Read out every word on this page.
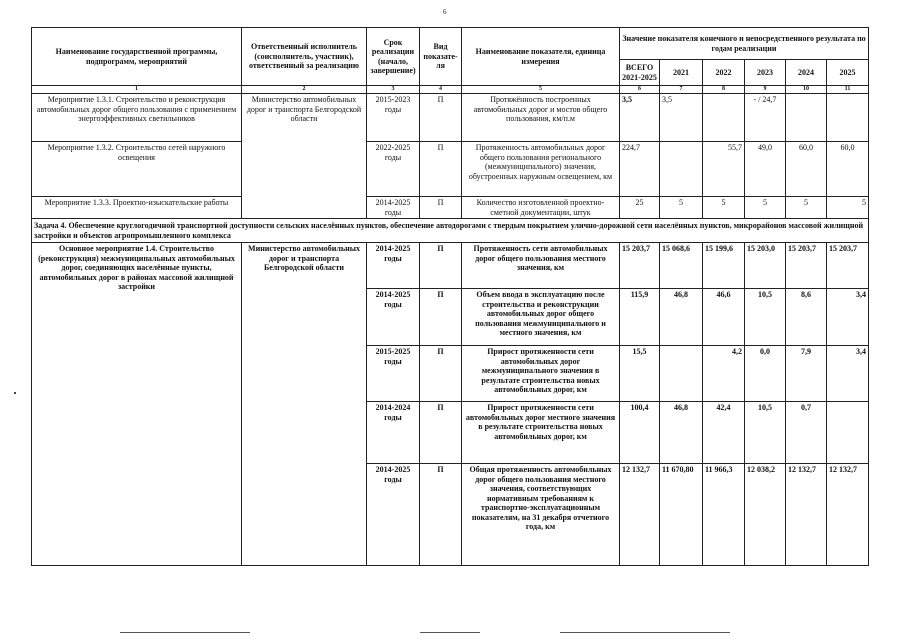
6
Наименование государственной программы, подпрограмм, мероприятий	Ответственный исполнитель (соисполнитель, участник), ответственный за реализацию	Срок реализации (начало, завершение)	Вид показате-ля	Наименование показателя, единица измерения	Значение показателя конечного и непосредственного результата по годам реализации					
					ВСЕГО 2021-2025	2021	2022	2023	2024	2025
1	2	3	4	5	6	7	8	9	10	11
Мероприятие 1.3.1. Строительство и реконструкция автомобильных дорог общего пользования с применением энергоэффективных светильников	Министерство автомобильных дорог и транспорта Белгородской области	2015-2023 годы	П	Протяжённость построенных автомобильных дорог и мостов общего пользования, км/п.м	3,5	3,5		- / 24,7		
Мероприятие 1.3.2. Строительство сетей наружного освещения		2022-2025 годы	П	Протяженность автомобильных дорог общего пользования регионального (межмуниципального) значения, обустроенных наружным освещением, км	224,7		55,7	49,0	60,0	60,0
Мероприятие 1.3.3. Проектно-изыскательские работы		2014-2025 годы	П	Количество изготовленной проектно-сметной документации, штук	25	5	5	5	5	5
Задача 4. Обеспечение круглогодичной транспортной доступности сельских населённых пунктов, обеспечение автодорогами с твердым покрытием улично-дорожной сети населённых пунктов, микрорайонов массовой жилищной застройки и объектов агропромышленного комплекса										
Основное мероприятие 1.4. Строительство (реконструкция) межмуниципальных автомобильных дорог, соединяющих населённые пункты, автомобильных дорог в районах массовой жилищной застройки	Министерство автомобильных дорог и транспорта Белгородской области	2014-2025 годы	П	Протяженность сети автомобильных дорог общего пользования местного значения, км	15 203,7	15 068,6	15 199,6	15 203,0	15 203,7	15 203,7
		2014-2025 годы	П	Объем ввода в эксплуатацию после строительства и реконструкции автомобильных дорог общего пользования межмуниципального и местного значения, км	115,9	46,8	46,6	10,5	8,6	3,4
		2015-2025 годы	П	Прирост протяженности сети автомобильных дорог межмуниципального значения в результате строительства новых автомобильных дорог, км	15,5		4,2	0,0	7,9	3,4
		2014-2024 годы	П	Прирост протяженности сети автомобильных дорог местного значения в результате строительства новых автомобильных дорог, км	100,4	46,8	42,4	10,5	0,7	
		2014-2025 годы	П	Общая протяженность автомобильных дорог общего пользования местного значения, соответствующих нормативным требованиям к транспортно-эксплуатационным показателям, на 31 декабря отчетного года, км	12 132,7	11 670,80	11 966,3	12 038,2	12 132,7	12 132,7
